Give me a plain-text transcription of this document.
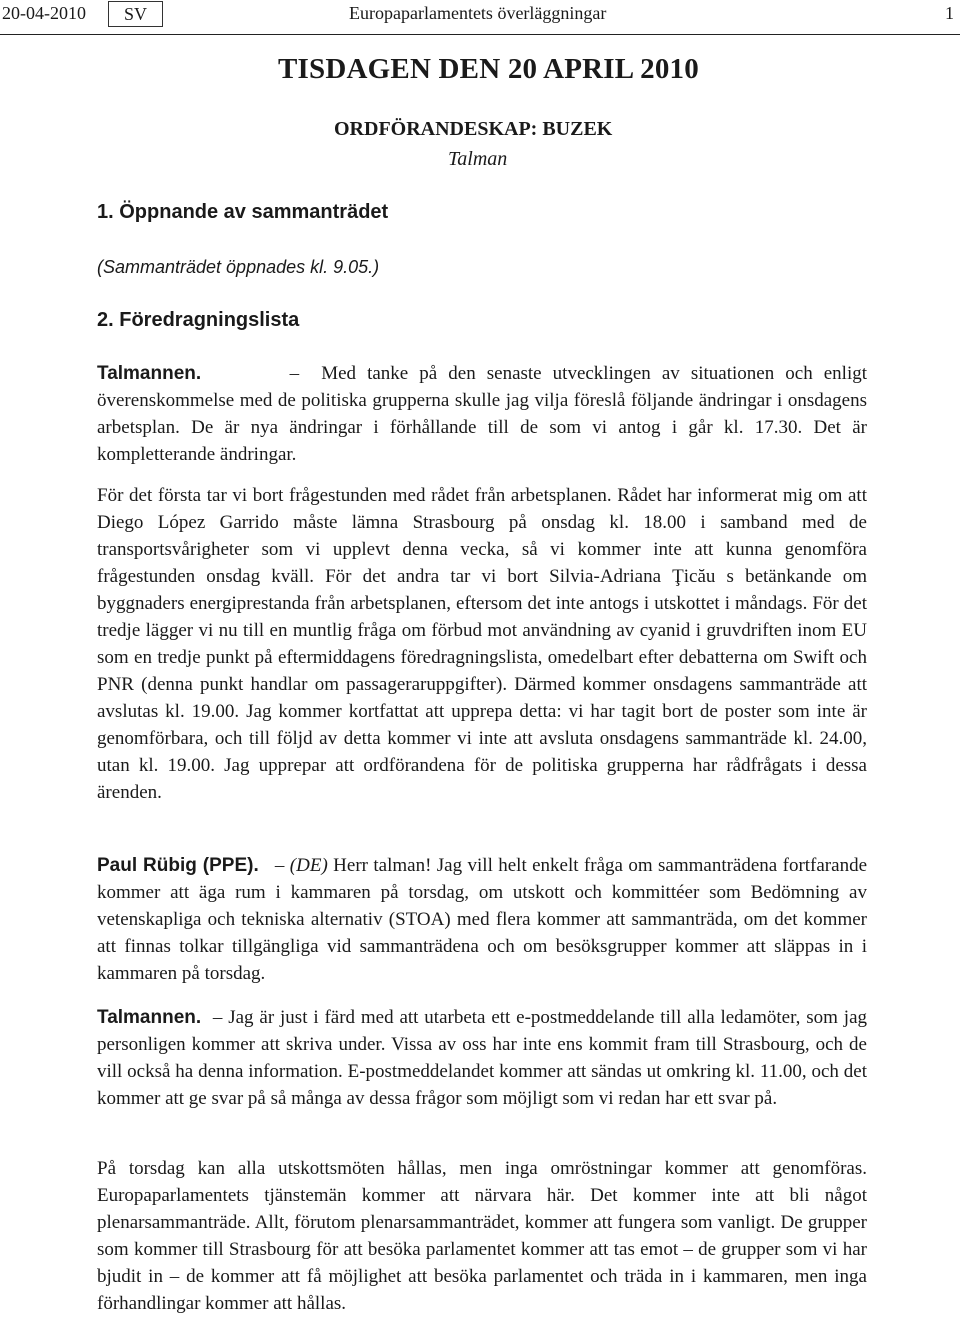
20-04-2010	SV	Europaparlamentets överläggningar	1
TISDAGEN DEN 20 APRIL 2010
ORDFÖRANDESKAP: BUZEK
Talman
1. Öppnande av sammanträdet
(Sammanträdet öppnades kl. 9.05.)
2. Föredragningslista

Talmannen.	– Med tanke på den senaste utvecklingen av situationen och enligt överenskommelse med de politiska grupperna skulle jag vilja föreslå följande ändringar i onsdagens arbetsplan. De är nya ändringar i förhållande till de som vi antog i går kl. 17.30. Det är kompletterande ändringar.

För det första tar vi bort frågestunden med rådet från arbetsplanen. Rådet har informerat mig om att Diego López Garrido måste lämna Strasbourg på onsdag kl. 18.00 i samband med de transportsvårigheter som vi upplevt denna vecka, så vi kommer inte att kunna genomföra frågestunden onsdag kväll. För det andra tar vi bort Silvia-Adriana Ţicău s betänkande om byggnaders energiprestanda från arbetsplanen, eftersom det inte antogs i utskottet i måndags. För det tredje lägger vi nu till en muntlig fråga om förbud mot användning av cyanid i gruvdriften inom EU som en tredje punkt på eftermiddagens föredragningslista, omedelbart efter debatterna om Swift och PNR (denna punkt handlar om passageraruppgifter). Därmed kommer onsdagens sammanträde att avslutas kl. 19.00. Jag kommer kortfattat att upprepa detta: vi har tagit bort de poster som inte är genomförbara, och till följd av detta kommer vi inte att avsluta onsdagens sammanträde kl. 24.00, utan kl. 19.00. Jag upprepar att ordförandena för de politiska grupperna har rådfrågats i dessa ärenden.

Paul Rübig (PPE). – (DE) Herr talman! Jag vill helt enkelt fråga om sammanträdena fortfarande kommer att äga rum i kammaren på torsdag, om utskott och kommittéer som Bedömning av vetenskapliga och tekniska alternativ (STOA) med flera kommer att sammanträda, om det kommer att finnas tolkar tillgängliga vid sammanträdena och om besöksgrupper kommer att släppas in i kammaren på torsdag.

Talmannen. – Jag är just i färd med att utarbeta ett e-postmeddelande till alla ledamöter, som jag personligen kommer att skriva under. Vissa av oss har inte ens kommit fram till Strasbourg, och de vill också ha denna information. E-postmeddelandet kommer att sändas ut omkring kl. 11.00, och det kommer att ge svar på så många av dessa frågor som möjligt som vi redan har ett svar på.

På torsdag kan alla utskottsmöten hållas, men inga omröstningar kommer att genomföras. Europaparlamentets tjänstemän kommer att närvara här. Det kommer inte att bli något plenarsammanträde. Allt, förutom plenarsammanträdet, kommer att fungera som vanligt. De grupper som kommer till Strasbourg för att besöka parlamentet kommer att tas emot – de grupper som vi har bjudit in – de kommer att få möjlighet att besöka parlamentet och träda in i kammaren, men inga förhandlingar kommer att hållas.
